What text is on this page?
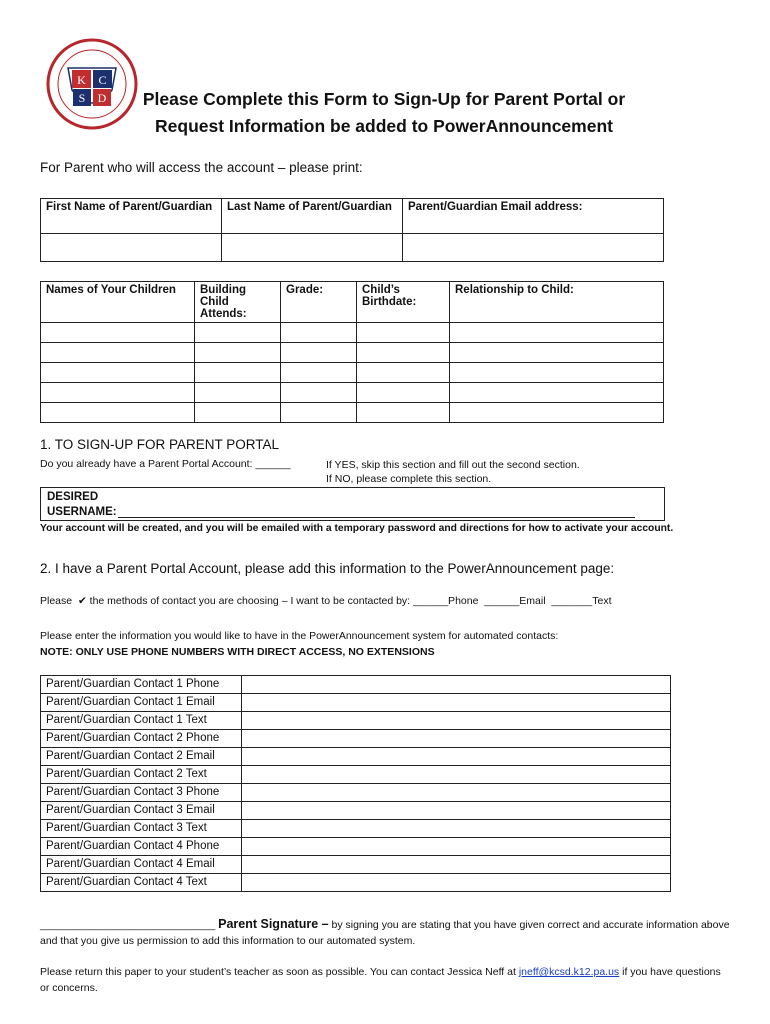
K C
S D	Please Complete this Form to Sign-Up for Parent Portal or
Request Information be added to PowerAnnouncement
For Parent who will access the account – please print:
First Name of Parent/Guardian	Last Name of Parent/Guardian	Parent/Guardian Email address:

Names of Your Children	Building Child Attends:	Grade:	Child’s Birthdate:	Relationship to Child:

1. TO SIGN-UP FOR PARENT PORTAL
Do you already have a Parent Portal Account: ______	If YES, skip this section and fill out the second section.
If NO, please complete this section.
DESIRED
USERNAME:
Your account will be created, and you will be emailed with a temporary password and directions for how to activate your account.
2. I have a Parent Portal Account, please add this information to the PowerAnnouncement page:
Please  ✔ the methods of contact you are choosing – I want to be contacted by: ______Phone  ______Email  _______Text
Please enter the information you would like to have in the PowerAnnouncement system for automated contacts:
NOTE: ONLY USE PHONE NUMBERS WITH DIRECT ACCESS, NO EXTENSIONS
Parent/Guardian Contact 1 Phone	
Parent/Guardian Contact 1 Email	
Parent/Guardian Contact 1 Text	
Parent/Guardian Contact 2 Phone	
Parent/Guardian Contact 2 Email	
Parent/Guardian Contact 2 Text	
Parent/Guardian Contact 3 Phone	
Parent/Guardian Contact 3 Email	
Parent/Guardian Contact 3 Text	
Parent/Guardian Contact 4 Phone	
Parent/Guardian Contact 4 Email	
Parent/Guardian Contact 4 Text	
______________________________ Parent Signature – by signing you are stating that you have given correct and accurate information above and that you give us permission to add this information to our automated system.
Please return this paper to your student’s teacher as soon as possible. You can contact Jessica Neff at jneff@kcsd.k12.pa.us if you have questions or concerns.
